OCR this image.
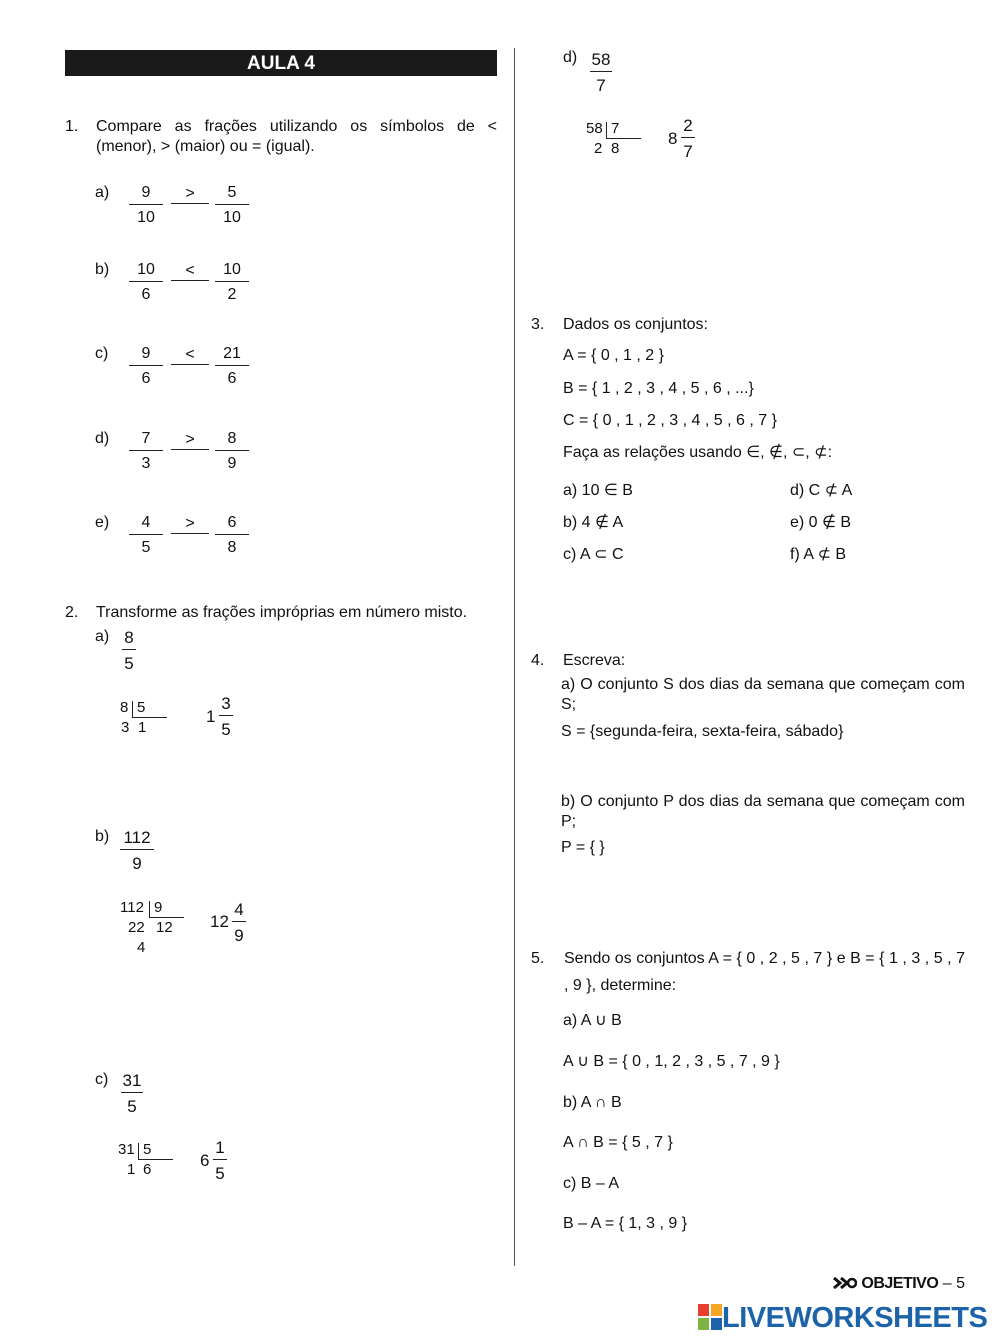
AULA 4
1. Compare as frações utilizando os símbolos de < (menor), > (maior) ou = (igual).
a)	9
10
>	5
10
b)	10
6
<	10
2
c)	9
6
<	21
6
d)	7
3
>	8
9
e)	4
5
>	6
8
2. Transforme as frações impróprias em número misto.
a) 8
5
8 5
3 1
1
3
5
b) 112
9
112 9
22 12
4
12
4
9
c) 31
5
31 5
1 6	6
1
5
d) 58
7
58 7
2 8
8
2
7
3. Dados os conjuntos:
A = { 0 , 1 , 2 }
B = { 1 , 2 , 3 , 4 , 5 , 6 , ...}
C = { 0 , 1 , 2 , 3 , 4 , 5 , 6 , 7 }
Faça as relações usando ∈, ∉, ⊂, ⊄:
a) 10 ∈ B	d) C ⊄ A
b) 4 ∉ A	e) 0 ∉ B
c) A ⊂ C	f) A ⊄ B
4. Escreva:
a) O conjunto S dos dias da semana que começam com S;
S = {segunda-feira, sexta-feira, sábado}
b) O conjunto P dos dias da semana que começam com P;
P = { }
5. Sendo os conjuntos A = { 0 , 2 , 5 , 7 } e B = { 1 , 3 , 5 , 7 , 9 }, determine:
a) A ∪ B
A ∪ B = { 0 , 1, 2 , 3 , 5 , 7 , 9 }
b) A ∩ B
A ∩ B = { 5 , 7 }
c) B – A
B – A = { 1, 3 , 9 }
OBJETIVO – 5
LIVEWORKSHEETS
